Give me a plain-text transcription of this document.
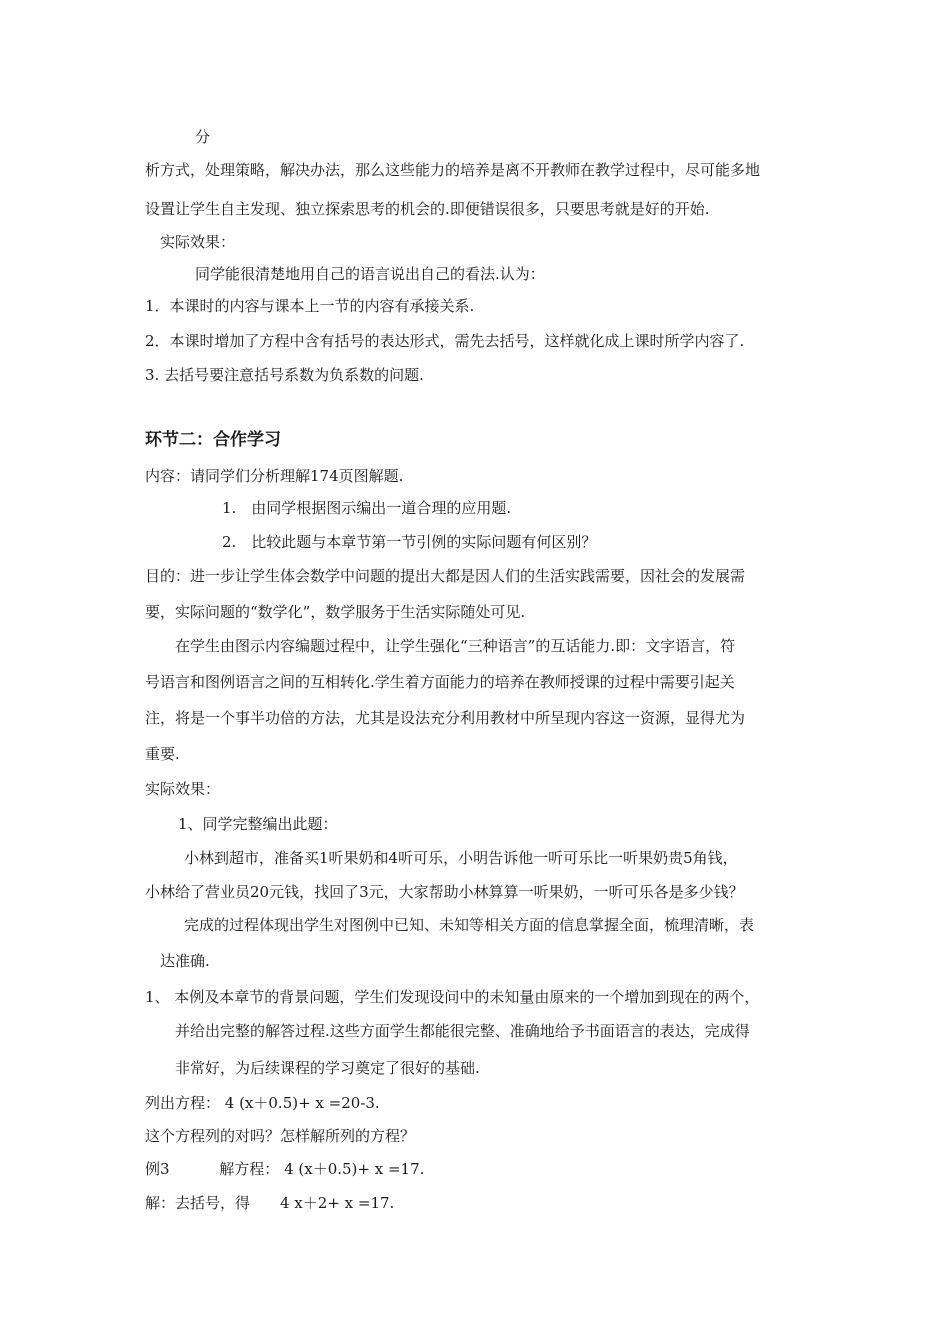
分
析方式，处理策略，解决办法，那么这些能力的培养是离不开教师在教学过程中，尽可能多地
设置让学生自主发现、独立探索思考的机会的.即便错误很多，只要思考就是好的开始.
实际效果：
同学能很清楚地用自己的语言说出自己的看法.认为：
1．本课时的内容与课本上一节的内容有承接关系.
2．本课时增加了方程中含有括号的表达形式，需先去括号，这样就化成上课时所学内容了.
3. 去括号要注意括号系数为负系数的问题.
环节二：合作学习
内容：请同学们分析理解174页图解题.
1.　由同学根据图示编出一道合理的应用题.
2.　比较此题与本章节第一节引例的实际问题有何区别？
目的：进一步让学生体会数学中问题的提出大都是因人们的生活实践需要，因社会的发展需
要，实际问题的“数学化”，数学服务于生活实际随处可见.
在学生由图示内容编题过程中，让学生强化“三种语言”的互话能力.即：文字语言，符
号语言和图例语言之间的互相转化.学生着方面能力的培养在教师授课的过程中需要引起关
注，将是一个事半功倍的方法，尤其是设法充分利用教材中所呈现内容这一资源，显得尤为
重要.
实际效果：
1、同学完整编出此题：
小林到超市，准备买1听果奶和4听可乐，小明告诉他一听可乐比一听果奶贵5角钱，
小林给了营业员20元钱，找回了3元，大家帮助小林算算一听果奶，一听可乐各是多少钱？
完成的过程体现出学生对图例中已知、未知等相关方面的信息掌握全面，梳理清晰，表
达准确.
1、 本例及本章节的背景问题，学生们发现设问中的未知量由原来的一个增加到现在的两个，
并给出完整的解答过程.这些方面学生都能很完整、准确地给予书面语言的表达，完成得
非常好，为后续课程的学习奠定了很好的基础.
列出方程： 4 (x＋0.5)+ x =20-3.
这个方程列的对吗？怎样解所列的方程？
例3　　　 解方程： 4 (x＋0.5)+ x =17.
解：去括号，得　　4 x＋2+ x =17.
